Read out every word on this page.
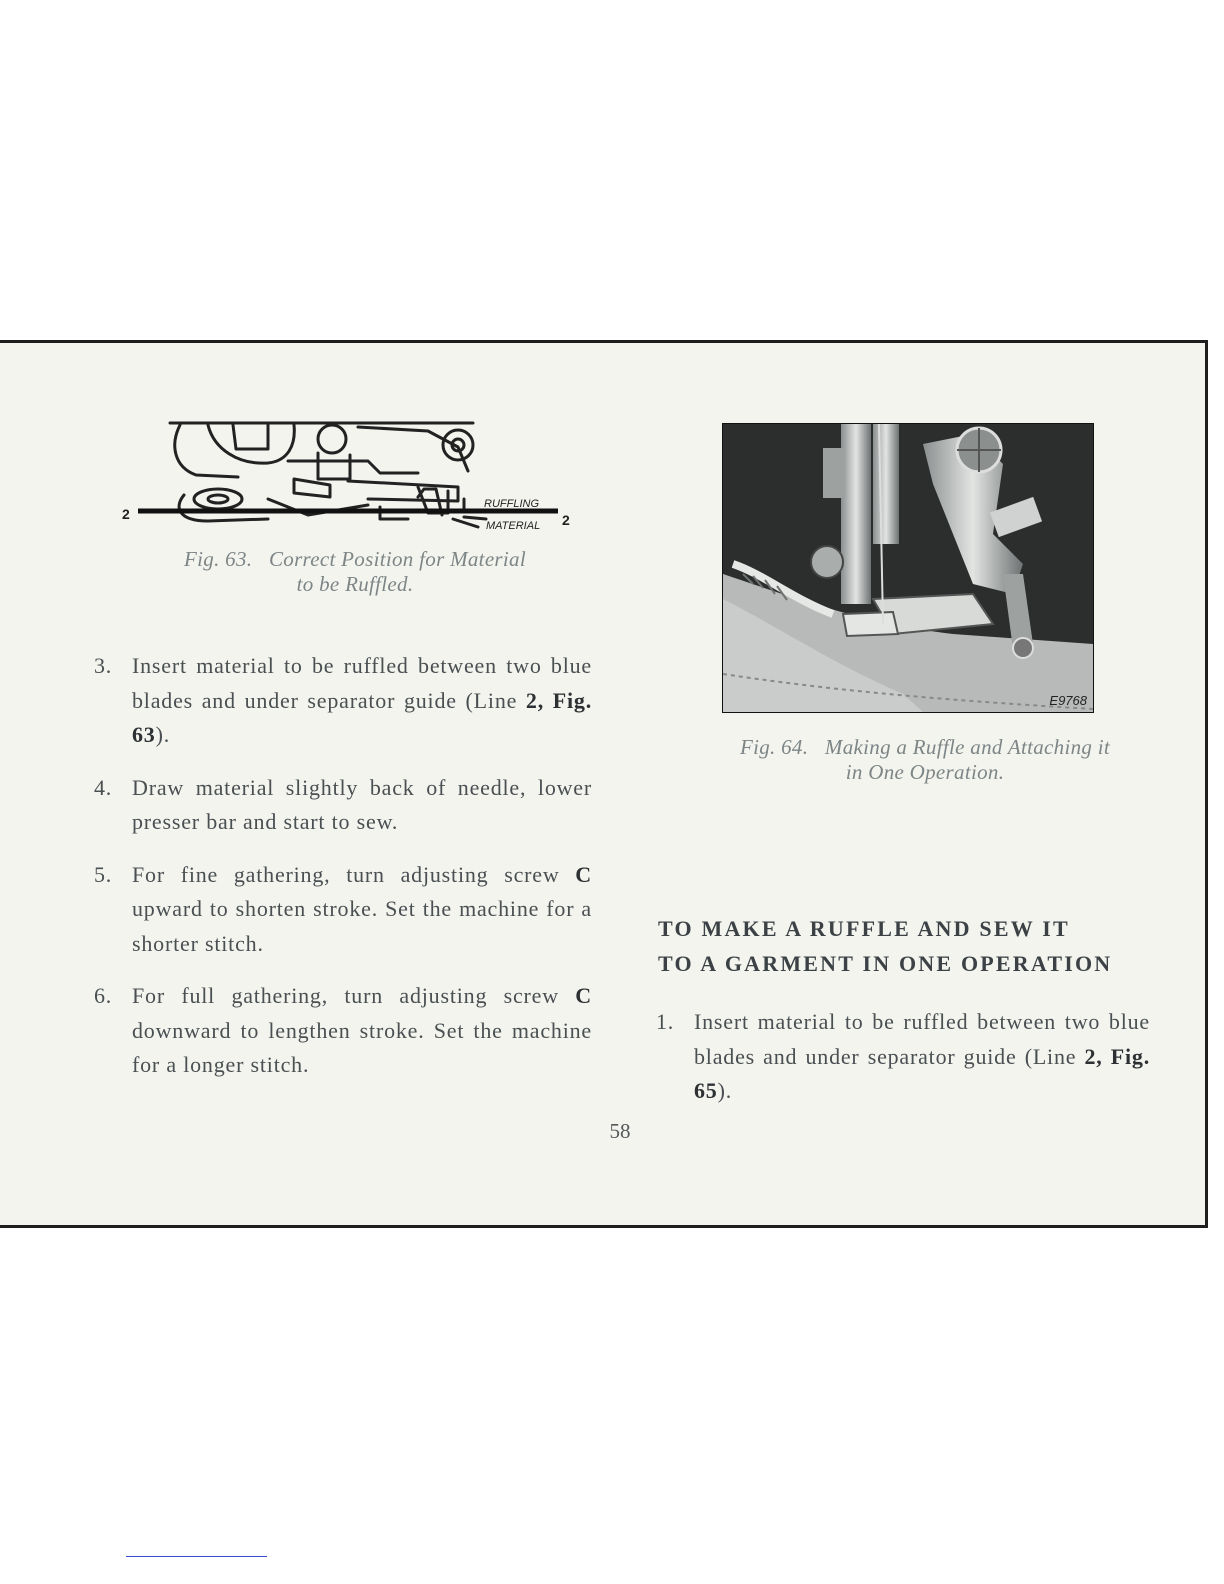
2	2
RUFFLING
MATERIAL
Fig. 63.   Correct Position for Material
to be Ruffled.
E9768
Fig. 64.   Making a Ruffle and Attaching it
in One Operation.
3. Insert material to be ruffled between two blue blades and under separator guide (Line 2, Fig. 63).
4. Draw material slightly back of needle, lower presser bar and start to sew.
5. For fine gathering, turn adjusting screw C upward to shorten stroke. Set the machine for a shorter stitch.
6. For full gathering, turn adjusting screw C downward to lengthen stroke. Set the machine for a longer stitch.
TO MAKE A RUFFLE AND SEW IT
TO A GARMENT IN ONE OPERATION
1. Insert material to be ruffled between two blue blades and under separator guide (Line 2, Fig. 65).
58
